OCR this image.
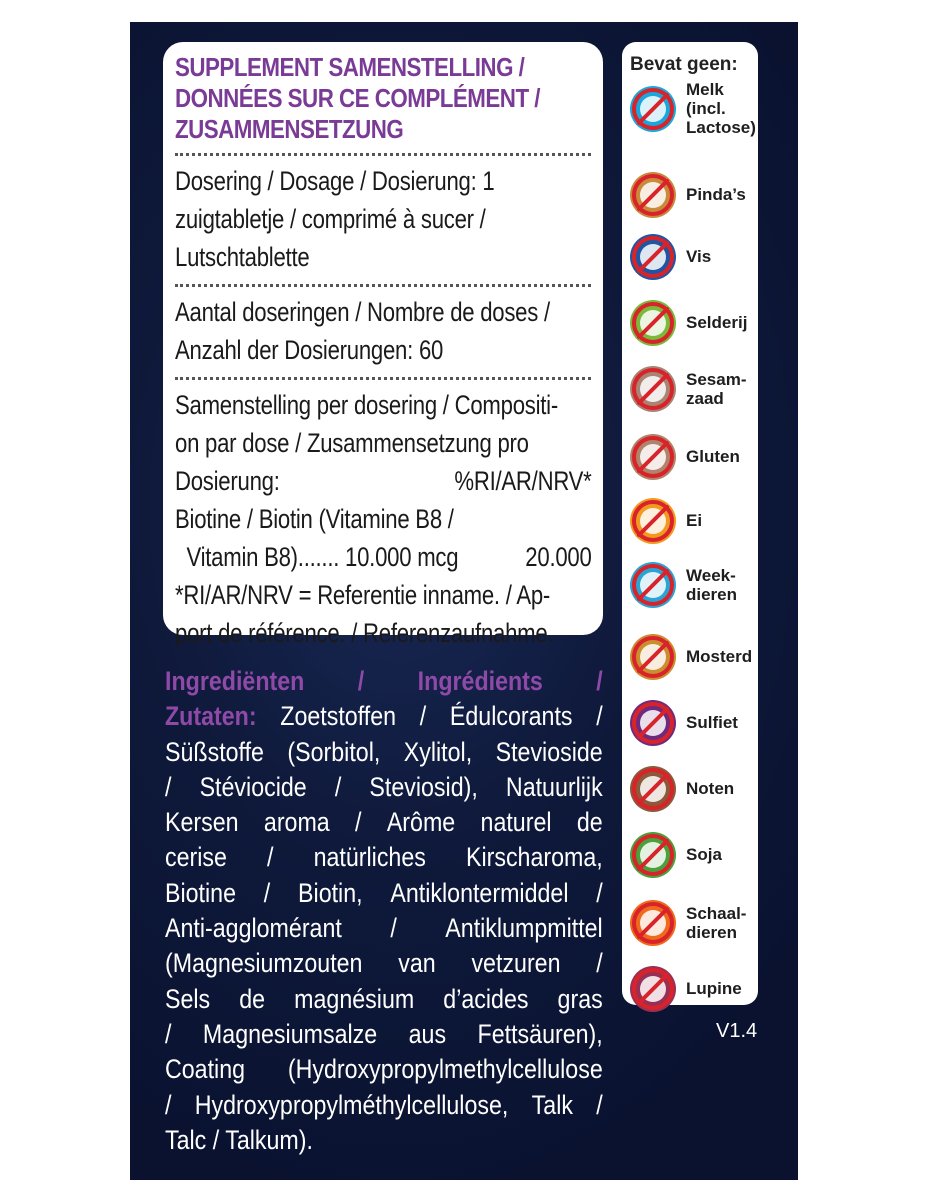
SUPPLEMENT SAMENSTELLING /
DONNÉES SUR CE COMPLÉMENT /
ZUSAMMENSETZUNG
Dosering / Dosage / Dosierung: 1
zuigtabletje / comprimé à sucer /
Lutschtablette
Aantal doseringen / Nombre de doses /
Anzahl der Dosierungen: 60
Samenstelling per dosering / Compositi-
on par dose / Zusammensetzung pro
Dosierung:	%RI/AR/NRV*
Biotine / Biotin (Vitamine B8 /
Vitamin B8)....... 10.000 mcg 20.000
*RI/AR/NRV = Referentie inname. / Ap-
port de référence. / Referenzaufnahme.
Ingrediënten / Ingrédients /
Zutaten: Zoetstoffen / Édulcorants /
Süßstoffe (Sorbitol, Xylitol, Stevioside
/ Stéviocide / Steviosid), Natuurlijk
Kersen aroma / Arôme naturel de
cerise / natürliches Kirscharoma,
Biotine / Biotin, Antiklontermiddel /
Anti-agglomérant / Antiklumpmittel
(Magnesiumzouten van vetzuren /
Sels de magnésium d’acides gras
/ Magnesiumsalze aus Fettsäuren),
Coating (Hydroxypropylmethylcellulose
/ Hydroxypropylméthylcellulose, Talk /
Talc / Talkum).
Bevat geen:
Melk
(incl.
Lactose)
Pinda’s
Vis
Selderij
Sesam-
zaad
Gluten
Ei
Week-
dieren
Mosterd
Sulfiet
Noten
Soja
Schaal-
dieren
Lupine
V1.4
